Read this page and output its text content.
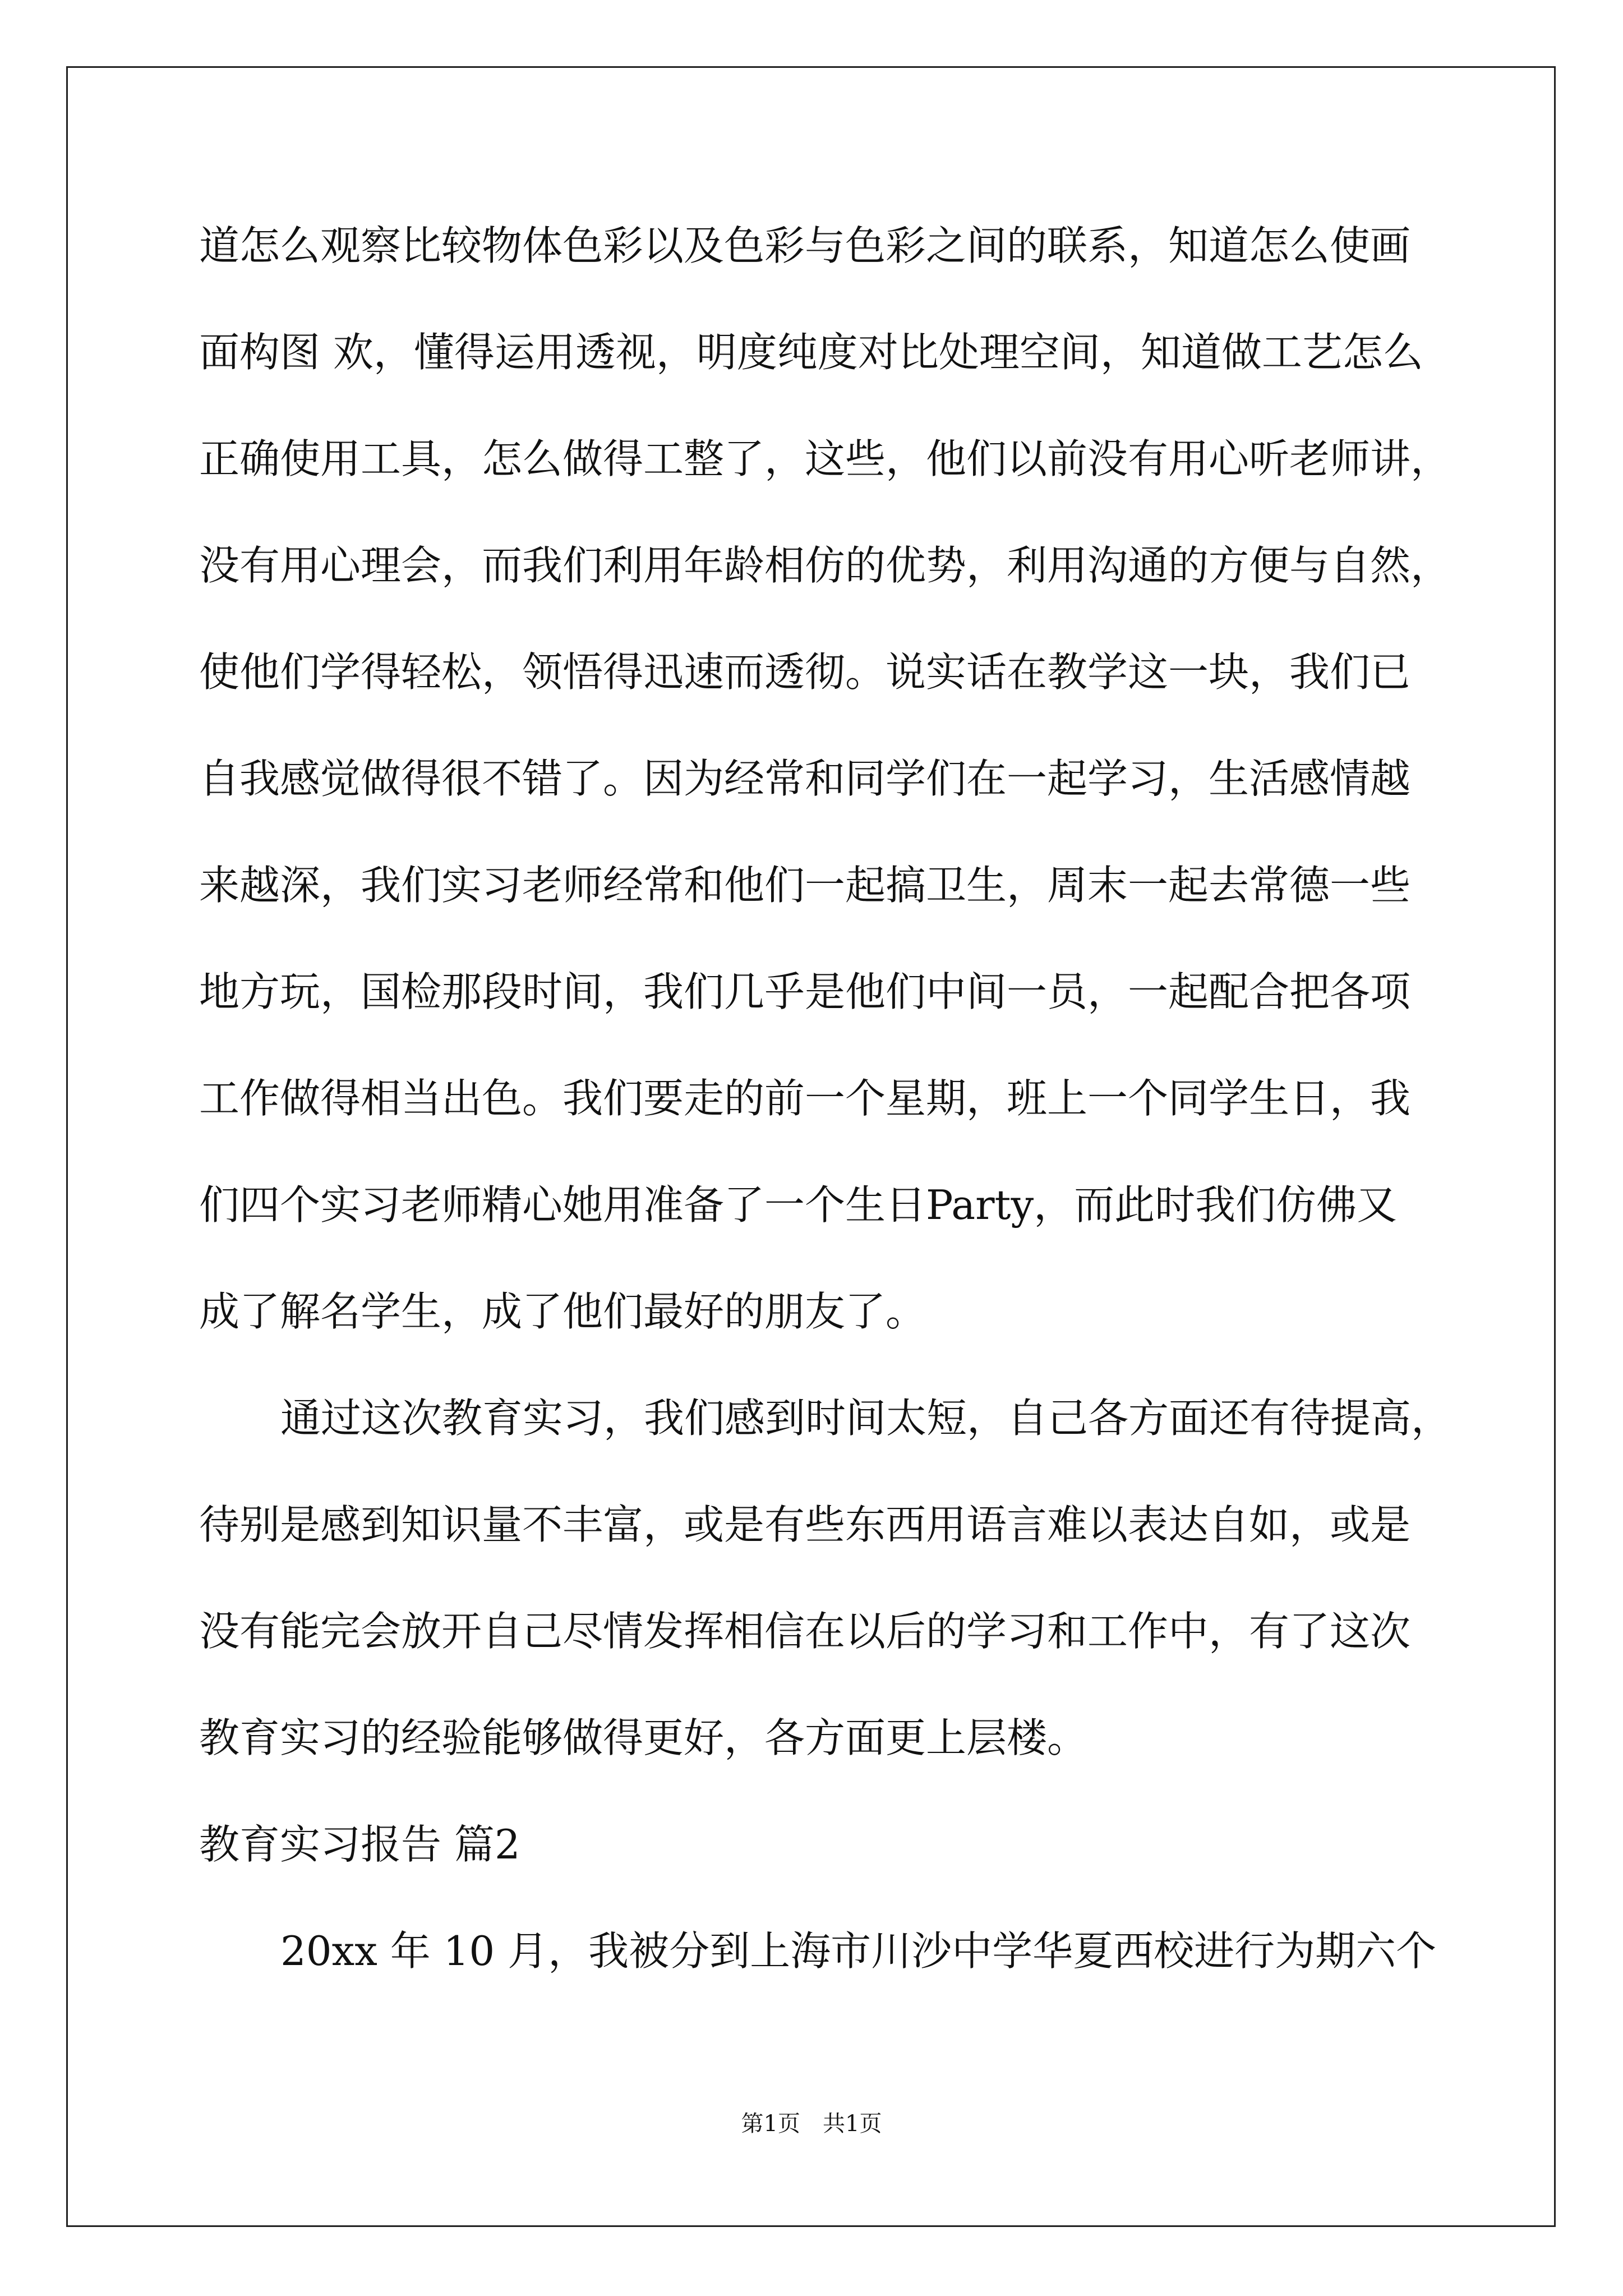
道怎么观察比较物体色彩以及色彩与色彩之间的联系，知道怎么使画
面构图 欢，懂得运用透视，明度纯度对比处理空间，知道做工艺怎么
正确使用工具，怎么做得工整了，这些，他们以前没有用心听老师讲，
没有用心理会，而我们利用年龄相仿的优势，利用沟通的方便与自然，
使他们学得轻松，领悟得迅速而透彻。说实话在教学这一块，我们已
自我感觉做得很不错了。因为经常和同学们在一起学习，生活感情越
来越深，我们实习老师经常和他们一起搞卫生，周末一起去常德一些
地方玩，国检那段时间，我们几乎是他们中间一员，一起配合把各项
工作做得相当出色。我们要走的前一个星期，班上一个同学生日，我
们四个实习老师精心她用准备了一个生日Party，而此时我们仿佛又
成了解名学生，成了他们最好的朋友了。
通过这次教育实习，我们感到时间太短，自己各方面还有待提高，
待别是感到知识量不丰富，或是有些东西用语言难以表达自如，或是
没有能完会放开自己尽情发挥相信在以后的学习和工作中，有了这次
教育实习的经验能够做得更好，各方面更上层楼。
教育实习报告 篇2
20xx 年 10 月，我被分到上海市川沙中学华夏西校进行为期六个
第1页　共1页
